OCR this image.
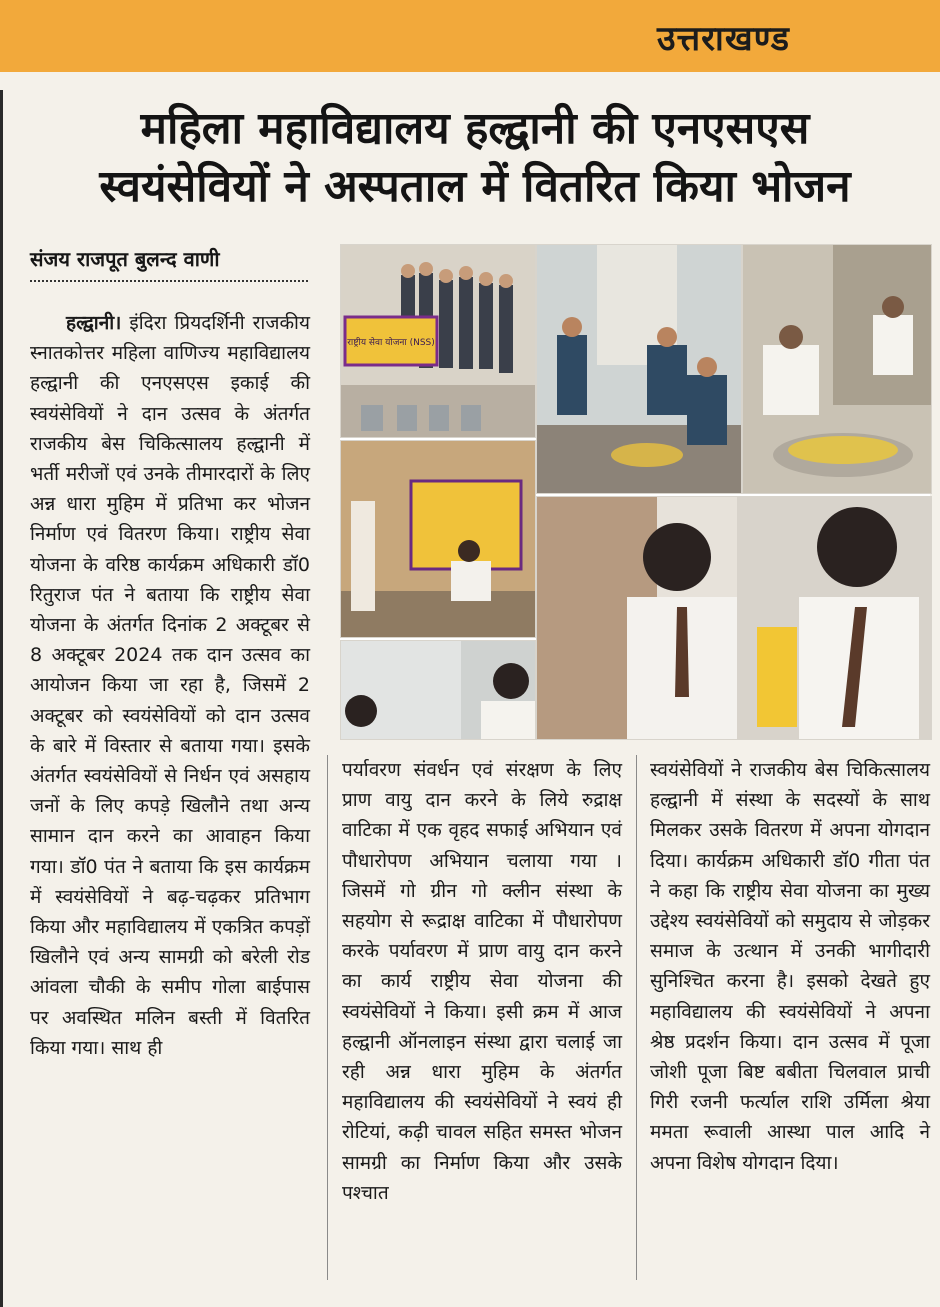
उत्तराखण्ड
महिला महाविद्यालय हल्द्वानी की एनएसएस
स्वयंसेवियों ने अस्पताल में वितरित किया भोजन
संजय राजपूत बुलन्द वाणी

हल्द्वानी। इंदिरा प्रियदर्शिनी राजकीय स्नातकोत्तर महिला वाणिज्य महाविद्यालय हल्द्वानी की एनएसएस इकाई की स्वयंसेवियों ने दान उत्सव के अंतर्गत राजकीय बेस चिकित्सालय हल्द्वानी में भर्ती मरीजों एवं उनके तीमारदारों के लिए अन्न धारा मुहिम में प्रतिभा कर भोजन निर्माण एवं वितरण किया। राष्ट्रीय सेवा योजना के वरिष्ठ कार्यक्रम अधिकारी डॉ0 रितुराज पंत ने बताया कि राष्ट्रीय सेवा योजना के अंतर्गत दिनांक 2 अक्टूबर से 8 अक्टूबर 2024 तक दान उत्सव का आयोजन किया जा रहा है, जिसमें 2 अक्टूबर को स्वयंसेवियों को दान उत्सव के बारे में विस्तार से बताया गया। इसके अंतर्गत स्वयंसेवियों से निर्धन एवं असहाय जनों के लिए कपड़े खिलौने तथा अन्य सामान दान करने का आवाहन किया गया। डॉ0 पंत ने बताया कि इस कार्यक्रम में स्वयंसेवियों ने बढ़-चढ़कर प्रतिभाग किया और महाविद्यालय में एकत्रित कपड़ों खिलौने एवं अन्य सामग्री को बरेली रोड आंवला चौकी के समीप गोला बाईपास पर अवस्थित मलिन बस्ती में वितरित किया गया। साथ ही

पर्यावरण संवर्धन एवं संरक्षण के लिए प्राण वायु दान करने के लिये रुद्राक्ष वाटिका में एक वृहद सफाई अभियान एवं पौधारोपण अभियान चलाया गया । जिसमें गो ग्रीन गो क्लीन संस्था के सहयोग से रूद्राक्ष वाटिका में पौधारोपण करके पर्यावरण में प्राण वायु दान करने का कार्य राष्ट्रीय सेवा योजना की स्वयंसेवियों ने किया। इसी क्रम में आज हल्द्वानी ऑनलाइन संस्था द्वारा चलाई जा रही अन्न धारा मुहिम के अंतर्गत महाविद्यालय की स्वयंसेवियों ने स्वयं ही रोटियां, कढ़ी चावल सहित समस्त भोजन सामग्री का निर्माण किया और उसके पश्चात

स्वयंसेवियों ने राजकीय बेस चिकित्सालय हल्द्वानी में संस्था के सदस्यों के साथ मिलकर उसके वितरण में अपना योगदान दिया। कार्यक्रम अधिकारी डॉ0 गीता पंत ने कहा कि राष्ट्रीय सेवा योजना का मुख्य उद्देश्य स्वयंसेवियों को समुदाय से जोड़कर समाज के उत्थान में उनकी भागीदारी सुनिश्चित करना है। इसको देखते हुए महाविद्यालय की स्वयंसेवियों ने अपना श्रेष्ठ प्रदर्शन किया। दान उत्सव में पूजा जोशी पूजा बिष्ट बबीता चिलवाल प्राची गिरी रजनी फर्त्याल राशि उर्मिला श्रेया ममता रूवाली आस्था पाल आदि ने अपना विशेष योगदान दिया।

राष्ट्रीय सेवा योजना (NSS)
